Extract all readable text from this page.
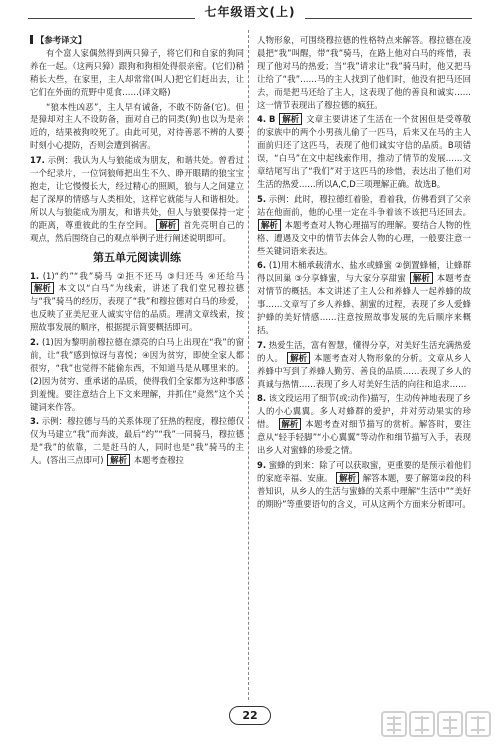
七年级语文(上)

【参考译文】

有个富人家偶然得到两只獐子，将它们和自家的狗同养在一起。（这两只獐）跟狗和狗相处得很亲密。(它们)稍稍长大些，在家里，主人却常常(叫人)把它们赶出去，让它们在外面的荒野中觅食……(译文略)

“狼本性凶恶”，主人早有诫备，不敢不防备(它)。但是獐却对主人不设防备，面对自己的同类(狗)也以为是亲近的，结果被狗咬死了。由此可见，对待善恶不辨的人要时刻小心提防，否则会遭到祸害。

17. 示例：我认为人与狼能成为朋友，和谐共处。曾看过一个纪录片，一位饲狼师把出生不久、睁开眼睛的狼宝宝抱走，让它慢慢长大，经过精心的照顾，狼与人之间建立起了深厚的情感与人类相处，这样它就能与人和谐相处。所以人与狼能成为朋友，和谐共处，但人与狼要保持一定的距离，尊重彼此的生存空间。 解析 首先亮明自己的观点，然后围绕自己的观点举例子进行阐述说明即可。

第五单元阅读训练

1. (1)“约”“我”骑马 ②拒不还马 ③归还马 ④还给马 解析 本文以“白马”为线索，讲述了我们堂兄穆拉德与“我”骑马的经历，表现了“我”和穆拉德对白马的珍爱，也反映了亚美尼亚人诚实守信的品质。理清文章线索，按照故事发展的顺序，根据提示简要概括即可。

2. (1)因为黎明前穆拉德在漂亮的白马上出现在“我”的窗前，让“我”感到惊讶与喜悦；④因为贫穷，即使全家人都很穷，“我”也觉得不能偷东西，不知道马是从哪里来的。 (2)因为贫穷、重承诺的品质，使得我们全家都为这种事感到羞愧。要注意结合上下文来理解，并抓住“竟然”这个关键词来作答。

3. 示例：穆拉德与马的关系体现了狂热的程度，穆拉德仅仅为马建立“我”而奔波，最后“约”“我”一同骑马，穆拉德是“我”的依靠，二是赶马的人，同时也是“我”骑马的主人。(答出三点即可) 解析 本题考查穆拉

人物形象，可围绕穆拉德的性格特点来解答。穆拉德在凌晨把“我”叫醒，带“我”骑马，在路上他对白马的疼惜，表现了他对马的热爱；当“我”请求让“我”骑马时，他又把马让给了“我”……马的主人找到了他们时，他没有把马还回去，而是把马还给了主人，这表现了他的善良和诚实……这一情节表现出了穆拉德的疯狂。

4. B 解析 文章主要讲述了生活在一个贫困但是受尊敬的家族中的两个小男孩儿偷了一匹马，后来又在马的主人面前归还了这匹马，表现了他们诚实守信的品质。B项错误，“白马”在文中起线索作用，推动了情节的发展……文章结尾写出了“我们”对于这匹马的珍惜，表达出了他们对生活的热爱……所以A,C,D三项理解正确。故选B。

5. 示例：此时，穆拉德红着脸，看着我，仿佛看到了父亲站在他面前，他的心里一定在斗争着该不该把马还回去。 解析 本题考查对人物心理描写的理解。要结合人物的性格、遭遇及文中的情节去体会人物的心理，一般要注意一些关键词语来表达。

6. (1)用木桶承载清水、盐水或蜂蜜 ②倒置蜂桶，让蜂群得以回巢 ③分享蜂蜜，与大家分享甜蜜 解析 本题考查对情节的概括。本文讲述了主人公和养蜂人一起养蜂的故事……文章写了乡人养蜂、割蜜的过程，表现了乡人爱蜂护蜂的美好情感……注意按照故事发展的先后顺序来概括。

7. 热爱生活，富有智慧，懂得分享，对美好生活充满热爱的人。 解析 本题考查对人物形象的分析。文章从乡人养蜂中写到了养蜂人勤劳、善良的品质……表现了乡人的真诚与热情……表现了乡人对美好生活的向往和追求……

8. 该文段运用了细节(或:动作)描写，生动传神地表现了乡人的小心翼翼。多人对蜂群的爱护，并对劳动果实的珍惜。 解析 本题考查对细节描写的赏析。解答时，要注意从“轻手轻脚”“小心翼翼”等动作和细节描写入手，表现出乡人对蜜蜂的珍爱之情。

9. 蜜蜂的到来：除了可以获取蜜，更重要的是预示着他们的家庭幸福、安康。 解析 解答本题，要了解第②段的科普知识，从乡人的生活与蜜蜂的关系中理解“生活中”“美好的期盼”等重要语句的含义，可从这两个方面来分析即可。

22
